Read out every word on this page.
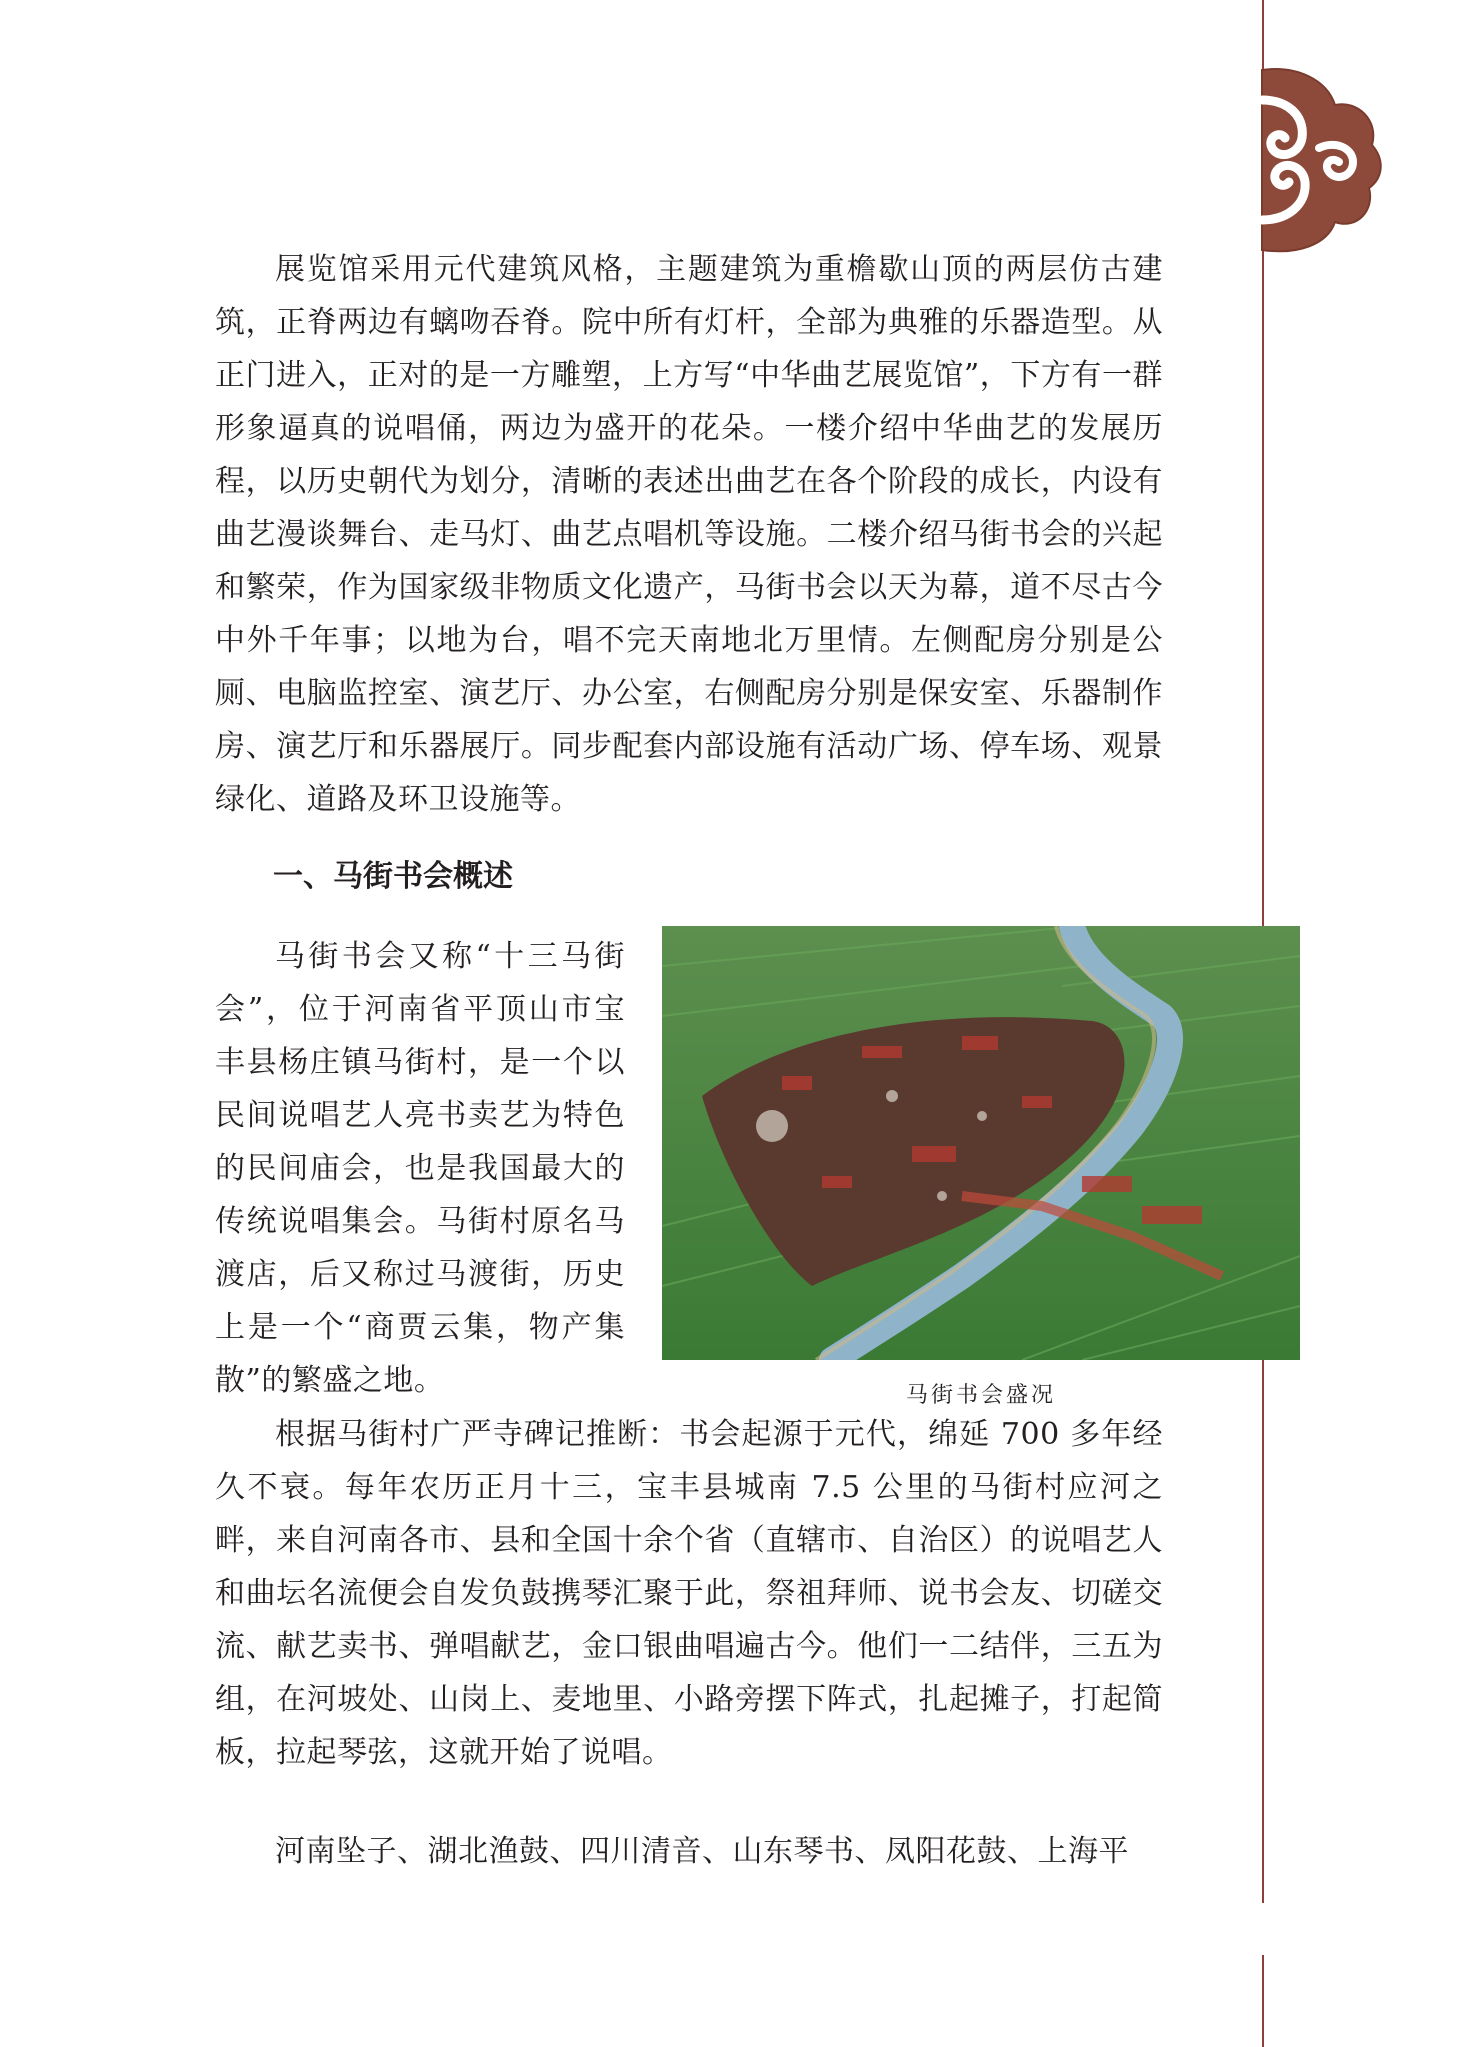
展览馆采用元代建筑风格，主题建筑为重檐歇山顶的两层仿古建筑，正脊两边有螭吻吞脊。院中所有灯杆，全部为典雅的乐器造型。从正门进入，正对的是一方雕塑，上方写“中华曲艺展览馆”，下方有一群形象逼真的说唱俑，两边为盛开的花朵。一楼介绍中华曲艺的发展历程，以历史朝代为划分，清晰的表述出曲艺在各个阶段的成长，内设有曲艺漫谈舞台、走马灯、曲艺点唱机等设施。二楼介绍马街书会的兴起和繁荣，作为国家级非物质文化遗产，马街书会以天为幕，道不尽古今中外千年事；以地为台，唱不完天南地北万里情。左侧配房分别是公厕、电脑监控室、演艺厅、办公室，右侧配房分别是保安室、乐器制作房、演艺厅和乐器展厅。同步配套内部设施有活动广场、停车场、观景绿化、道路及环卫设施等。

一、马街书会概述

马街书会又称“十三马街会”，位于河南省平顶山市宝丰县杨庄镇马街村，是一个以民间说唱艺人亮书卖艺为特色的民间庙会，也是我国最大的传统说唱集会。马街村原名马渡店，后又称过马渡街，历史上是一个“商贾云集，物产集散”的繁盛之地。	马街书会盛况

根据马街村广严寺碑记推断：书会起源于元代，绵延 700 多年经久不衰。每年农历正月十三，宝丰县城南 7.5 公里的马街村应河之畔，来自河南各市、县和全国十余个省（直辖市、自治区）的说唱艺人和曲坛名流便会自发负鼓携琴汇聚于此，祭祖拜师、说书会友、切磋交流、献艺卖书、弹唱献艺，金口银曲唱遍古今。他们一二结伴，三五为组，在河坡处、山岗上、麦地里、小路旁摆下阵式，扎起摊子，打起简板，拉起琴弦，这就开始了说唱。

河南坠子、湖北渔鼓、四川清音、山东琴书、凤阳花鼓、上海平
